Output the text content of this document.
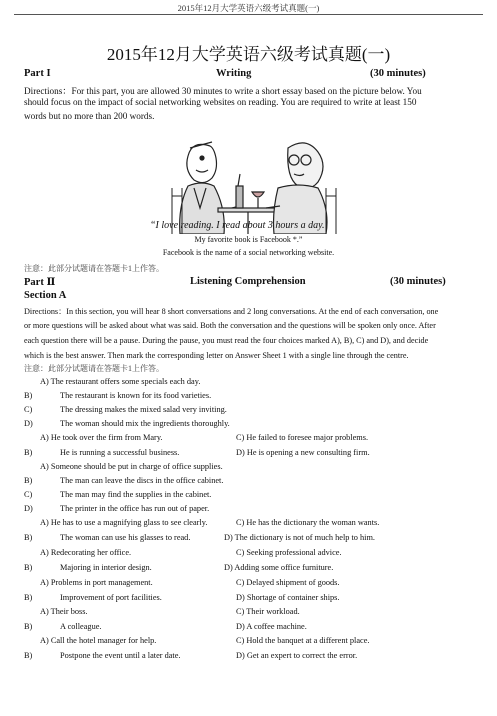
2015年12月大学英语六级考试真题(一)
2015年12月大学英语六级考试真题(一)
Part I	Writing	(30 minutes)
Directions：For this part, you are allowed 30 minutes to write a short essay based on the picture below. You
should focus on the impact of social networking websites on reading. You are required to write at least 150
words but no more than 200 words.
“I love reading. I read about 3 hours a day.
My favorite book is Facebook *.”
Facebook is the name of a social networking website.
注意：此部分试题请在答题卡1上作答。
Part Ⅱ	Listening Comprehension	(30 minutes)
Section A
Directions：In this section, you will hear 8 short conversations and 2 long conversations. At the end of each conversation, one
or more questions will be asked about what was said. Both the conversation and the questions will be spoken only once. After
each question there will be a pause. During the pause, you must read the four choices marked A), B), C) and D), and decide
which is the best answer. Then mark the corresponding letter on Answer Sheet 1 with a single line through the centre.
注意：此部分试题请在答题卡1上作答。
A) The restaurant offers some specials each day.
B)	The restaurant is known for its food varieties.
C)	The dressing makes the mixed salad very inviting.
D)	The woman should mix the ingredients thoroughly.
A) He took over the firm from Mary.	C) He failed to foresee major problems.
B)	He is running a successful business.	D) He is opening a new consulting firm.
A) Someone should be put in charge of office supplies.
B)	The man can leave the discs in the office cabinet.
C)	The man may find the supplies in the cabinet.
D)	The printer in the office has run out of paper.
A) He has to use a magnifying glass to see clearly.	C) He has the dictionary the woman wants.
B)	The woman can use his glasses to read.	D) The dictionary is not of much help to him.
A) Redecorating her office.	C) Seeking professional advice.
B)	Majoring in interior design.	D) Adding some office furniture.
A) Problems in port management.	C) Delayed shipment of goods.
B)	Improvement of port facilities.	D) Shortage of container ships.
A) Their boss.	C) Their workload.
B)	A colleague.	D) A coffee machine.
A) Call the hotel manager for help.	C) Hold the banquet at a different place.
B)	Postpone the event until a later date.	D) Get an expert to correct the error.
